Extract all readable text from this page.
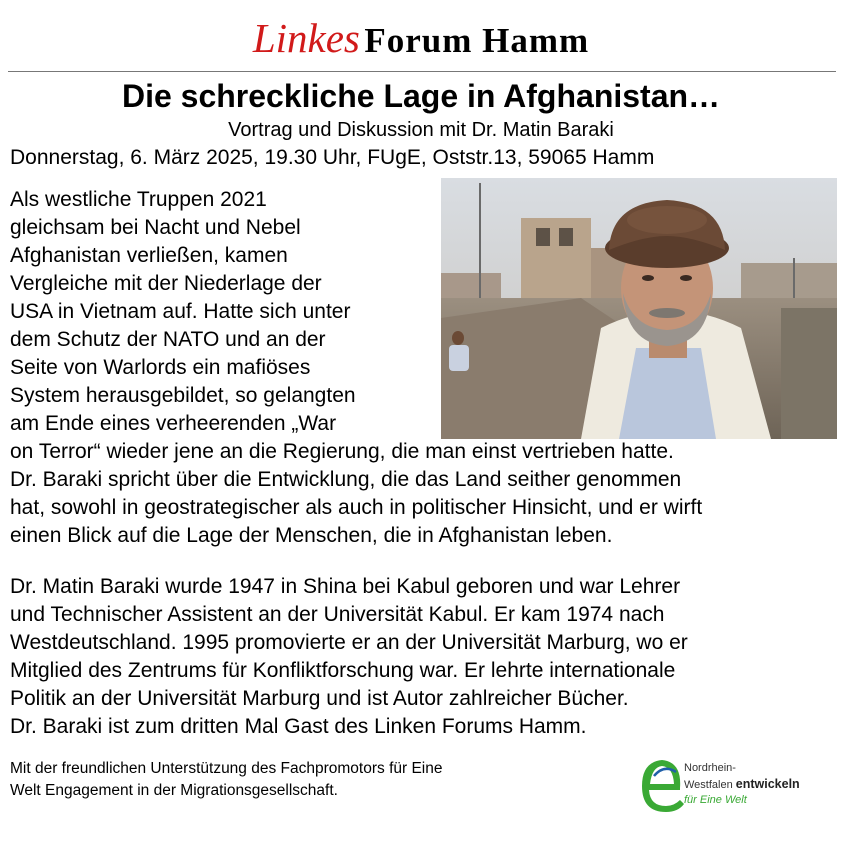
Linkes Forum Hamm
Die schreckliche Lage in Afghanistan…
Vortrag und Diskussion mit Dr. Matin Baraki
Donnerstag, 6. März 2025, 19.30 Uhr, FUgE, Oststr.13, 59065 Hamm

Als westliche Truppen 2021

gleichsam bei Nacht und Nebel

Afghanistan verließen, kamen

Vergleiche mit der Niederlage der

USA in Vietnam auf. Hatte sich unter

dem Schutz der NATO und an der

Seite von Warlords ein mafiöses

System herausgebildet, so gelangten

am Ende eines verheerenden „War

on Terror“ wieder jene an die Regierung, die man einst vertrieben hatte.
Dr. Baraki spricht über die Entwicklung, die das Land seither genommen
hat, sowohl in geostrategischer als auch in politischer Hinsicht, und er wirft
einen Blick auf die Lage der Menschen, die in Afghanistan leben.
Dr. Matin Baraki wurde 1947 in Shina bei Kabul geboren und war Lehrer
und Technischer Assistent an der Universität Kabul. Er kam 1974 nach
Westdeutschland. 1995 promovierte er an der Universität Marburg, wo er
Mitglied des Zentrums für Konfliktforschung war. Er lehrte internationale
Politik an der Universität Marburg und ist Autor zahlreicher Bücher.
Dr. Baraki ist zum dritten Mal Gast des Linken Forums Hamm.
Mit der freundlichen Unterstützung des Fachpromotors für Eine
Welt Engagement in der Migrationsgesellschaft.
Nordrhein-
Westfalen entwickeln
für Eine Welt
